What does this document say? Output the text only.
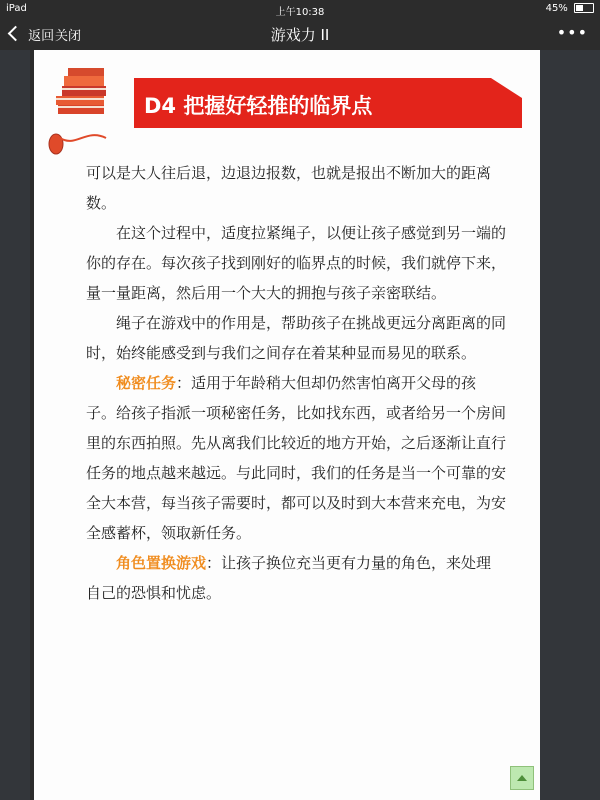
iPad	上午10:38	45%
返回 关闭	游戏力 II	•••
D4 把握好轻推的临界点

可以是大人往后退，边退边报数，也就是报出不断加大的距离数。

在这个过程中，适度拉紧绳子，以便让孩子感觉到另一端的你的存在。每次孩子找到刚好的临界点的时候，我们就停下来，量一量距离，然后用一个大大的拥抱与孩子亲密联结。

绳子在游戏中的作用是，帮助孩子在挑战更远分离距离的同时，始终能感受到与我们之间存在着某种显而易见的联系。

秘密任务：适用于年龄稍大但却仍然害怕离开父母的孩子。给孩子指派一项秘密任务，比如找东西，或者给另一个房间里的东西拍照。先从离我们比较近的地方开始，之后逐渐让直行任务的地点越来越远。与此同时，我们的任务是当一个可靠的安全大本营，每当孩子需要时，都可以及时到大本营来充电，为安全感蓄杯，领取新任务。

角色置换游戏：让孩子换位充当更有力量的角色，来处理自己的恐惧和忧虑。
